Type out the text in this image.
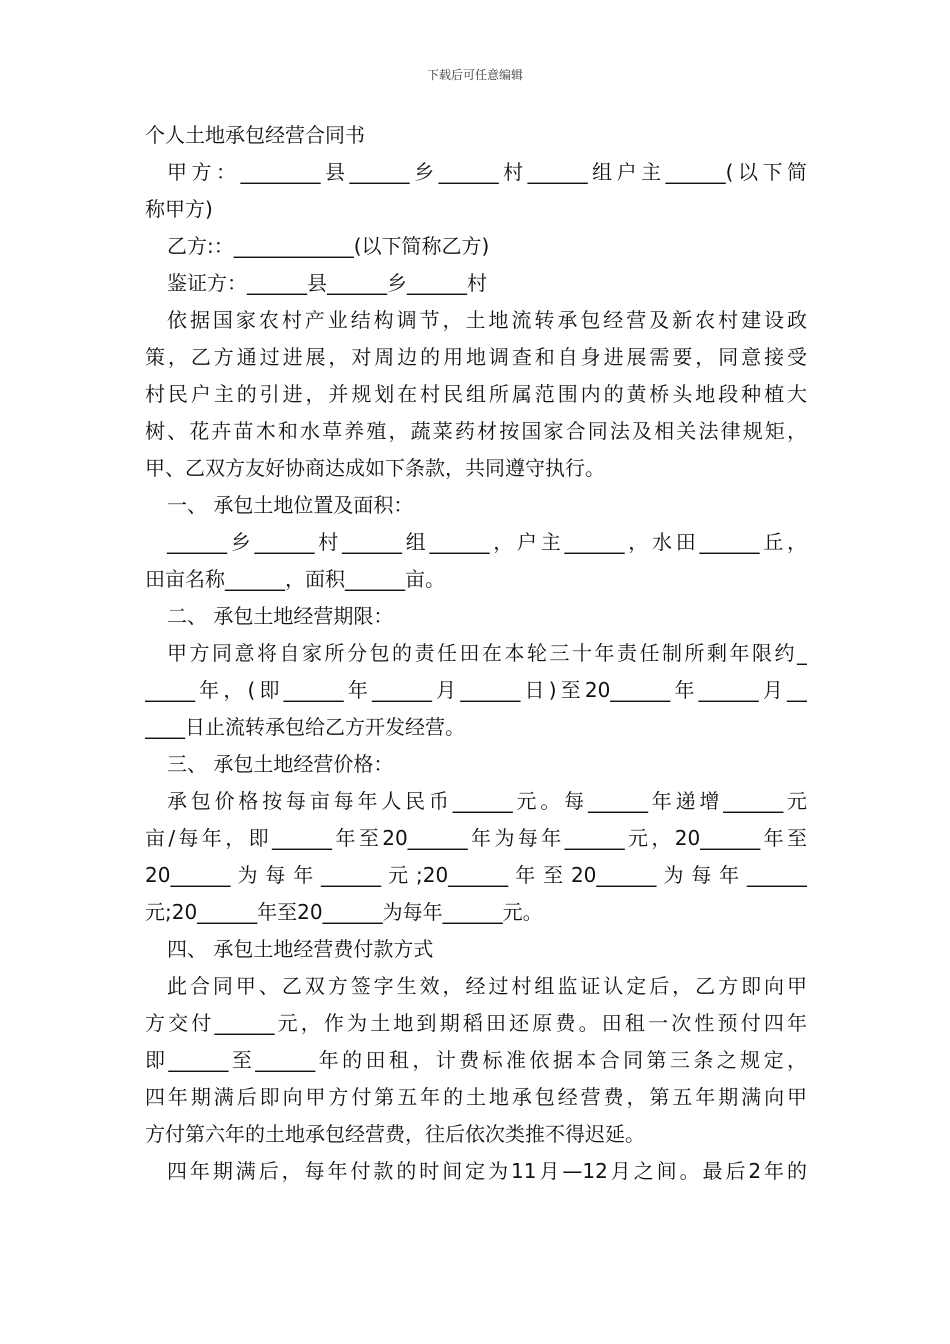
下载后可任意编辑

个人土地承包经营合同书

甲方：________县______乡______村______组户主______(以下简

称甲方)

乙方:：____________(以下简称乙方)

鉴证方：______县______乡______村

依据国家农村产业结构调节，土地流转承包经营及新农村建设政

策，乙方通过进展，对周边的用地调查和自身进展需要，同意接受

村民户主的引进，并规划在村民组所属范围内的黄桥头地段种植大

树、花卉苗木和水草养殖，蔬菜药材按国家合同法及相关法律规矩，

甲、乙双方友好协商达成如下条款，共同遵守执行。

一、 承包土地位置及面积：

______乡______村______组______，户主______，水田______丘，

田亩名称______，面积______亩。

二、 承包土地经营期限：

甲方同意将自家所分包的责任田在本轮三十年责任制所剩年限约_

_____年，(即______年______月______日)至20______年______月__

____日止流转承包给乙方开发经营。

三、 承包土地经营价格：

承包价格按每亩每年人民币______元。每______年递增______元

亩/每年，即______年至20______年为每年______元，20______年至

20______ 为 每 年 ______ 元 ;20______ 年 至 20______ 为 每 年 ______

元;20______年至20______为每年______元。

四、 承包土地经营费付款方式

此合同甲、乙双方签字生效，经过村组监证认定后，乙方即向甲

方交付______元，作为土地到期稻田还原费。田租一次性预付四年

即______至______年的田租，计费标准依据本合同第三条之规定，

四年期满后即向甲方付第五年的土地承包经营费，第五年期满向甲

方付第六年的土地承包经营费，往后依次类推不得迟延。

四年期满后，每年付款的时间定为11月—12月之间。最后2年的
